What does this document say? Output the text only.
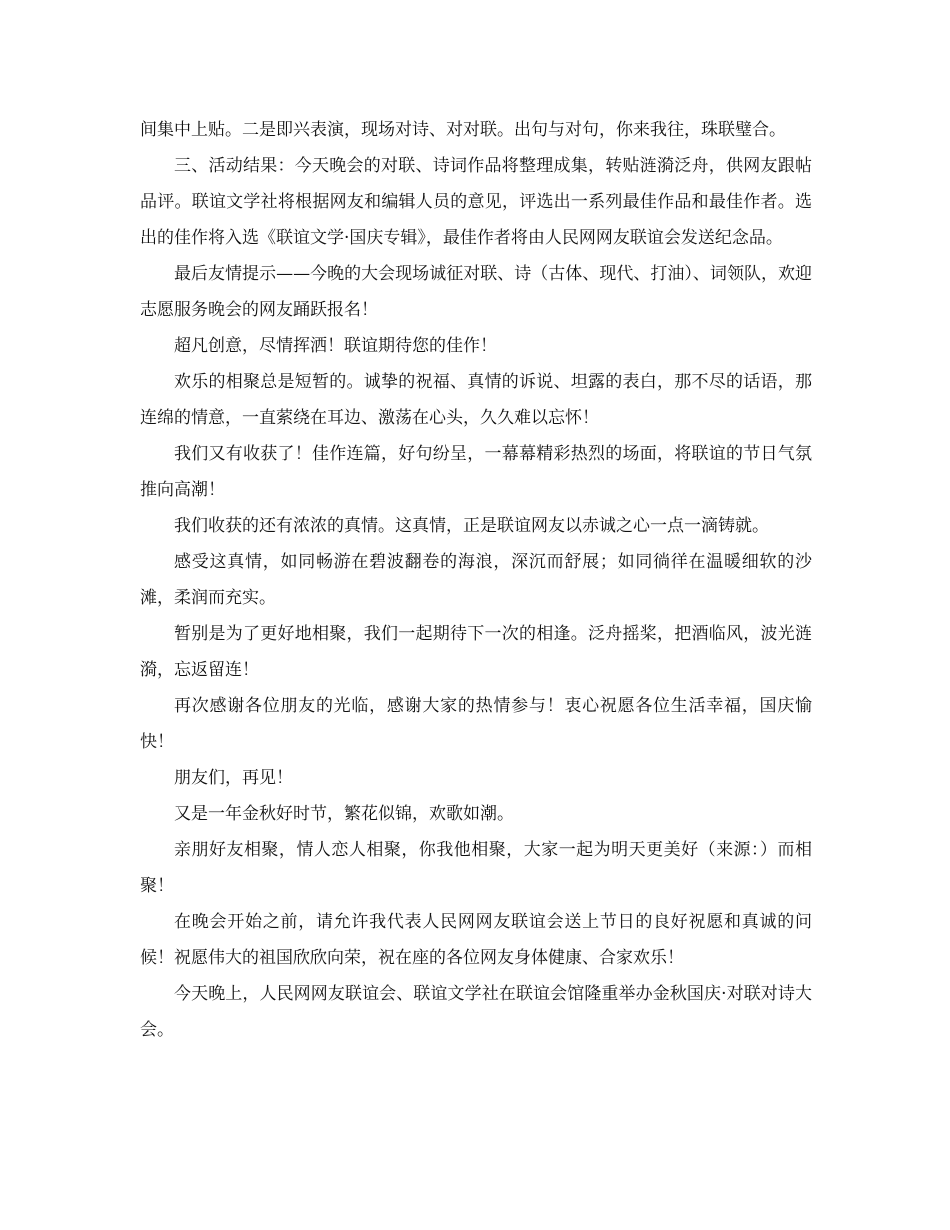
间集中上贴。二是即兴表演，现场对诗、对对联。出句与对句，你来我往，珠联璧合。

三、活动结果：今天晚会的对联、诗词作品将整理成集，转贴涟漪泛舟，供网友跟帖品评。联谊文学社将根据网友和编辑人员的意见，评选出一系列最佳作品和最佳作者。选出的佳作将入选《联谊文学·国庆专辑》，最佳作者将由人民网网友联谊会发送纪念品。

最后友情提示——今晚的大会现场诚征对联、诗（古体、现代、打油）、词领队，欢迎志愿服务晚会的网友踊跃报名！

超凡创意，尽情挥洒！联谊期待您的佳作！

欢乐的相聚总是短暂的。诚挚的祝福、真情的诉说、坦露的表白，那不尽的话语，那连绵的情意，一直萦绕在耳边、激荡在心头，久久难以忘怀！

我们又有收获了！佳作连篇，好句纷呈，一幕幕精彩热烈的场面，将联谊的节日气氛推向高潮！

我们收获的还有浓浓的真情。这真情，正是联谊网友以赤诚之心一点一滴铸就。

感受这真情，如同畅游在碧波翻卷的海浪，深沉而舒展；如同徜徉在温暖细软的沙滩，柔润而充实。

暂别是为了更好地相聚，我们一起期待下一次的相逢。泛舟摇桨，把酒临风，波光涟漪，忘返留连！

再次感谢各位朋友的光临，感谢大家的热情参与！衷心祝愿各位生活幸福，国庆愉快！

朋友们，再见！

又是一年金秋好时节，繁花似锦，欢歌如潮。

亲朋好友相聚，情人恋人相聚，你我他相聚，大家一起为明天更美好（来源：）而相聚！

在晚会开始之前，请允许我代表人民网网友联谊会送上节日的良好祝愿和真诚的问候！祝愿伟大的祖国欣欣向荣，祝在座的各位网友身体健康、合家欢乐！

今天晚上，人民网网友联谊会、联谊文学社在联谊会馆隆重举办金秋国庆·对联对诗大会。
